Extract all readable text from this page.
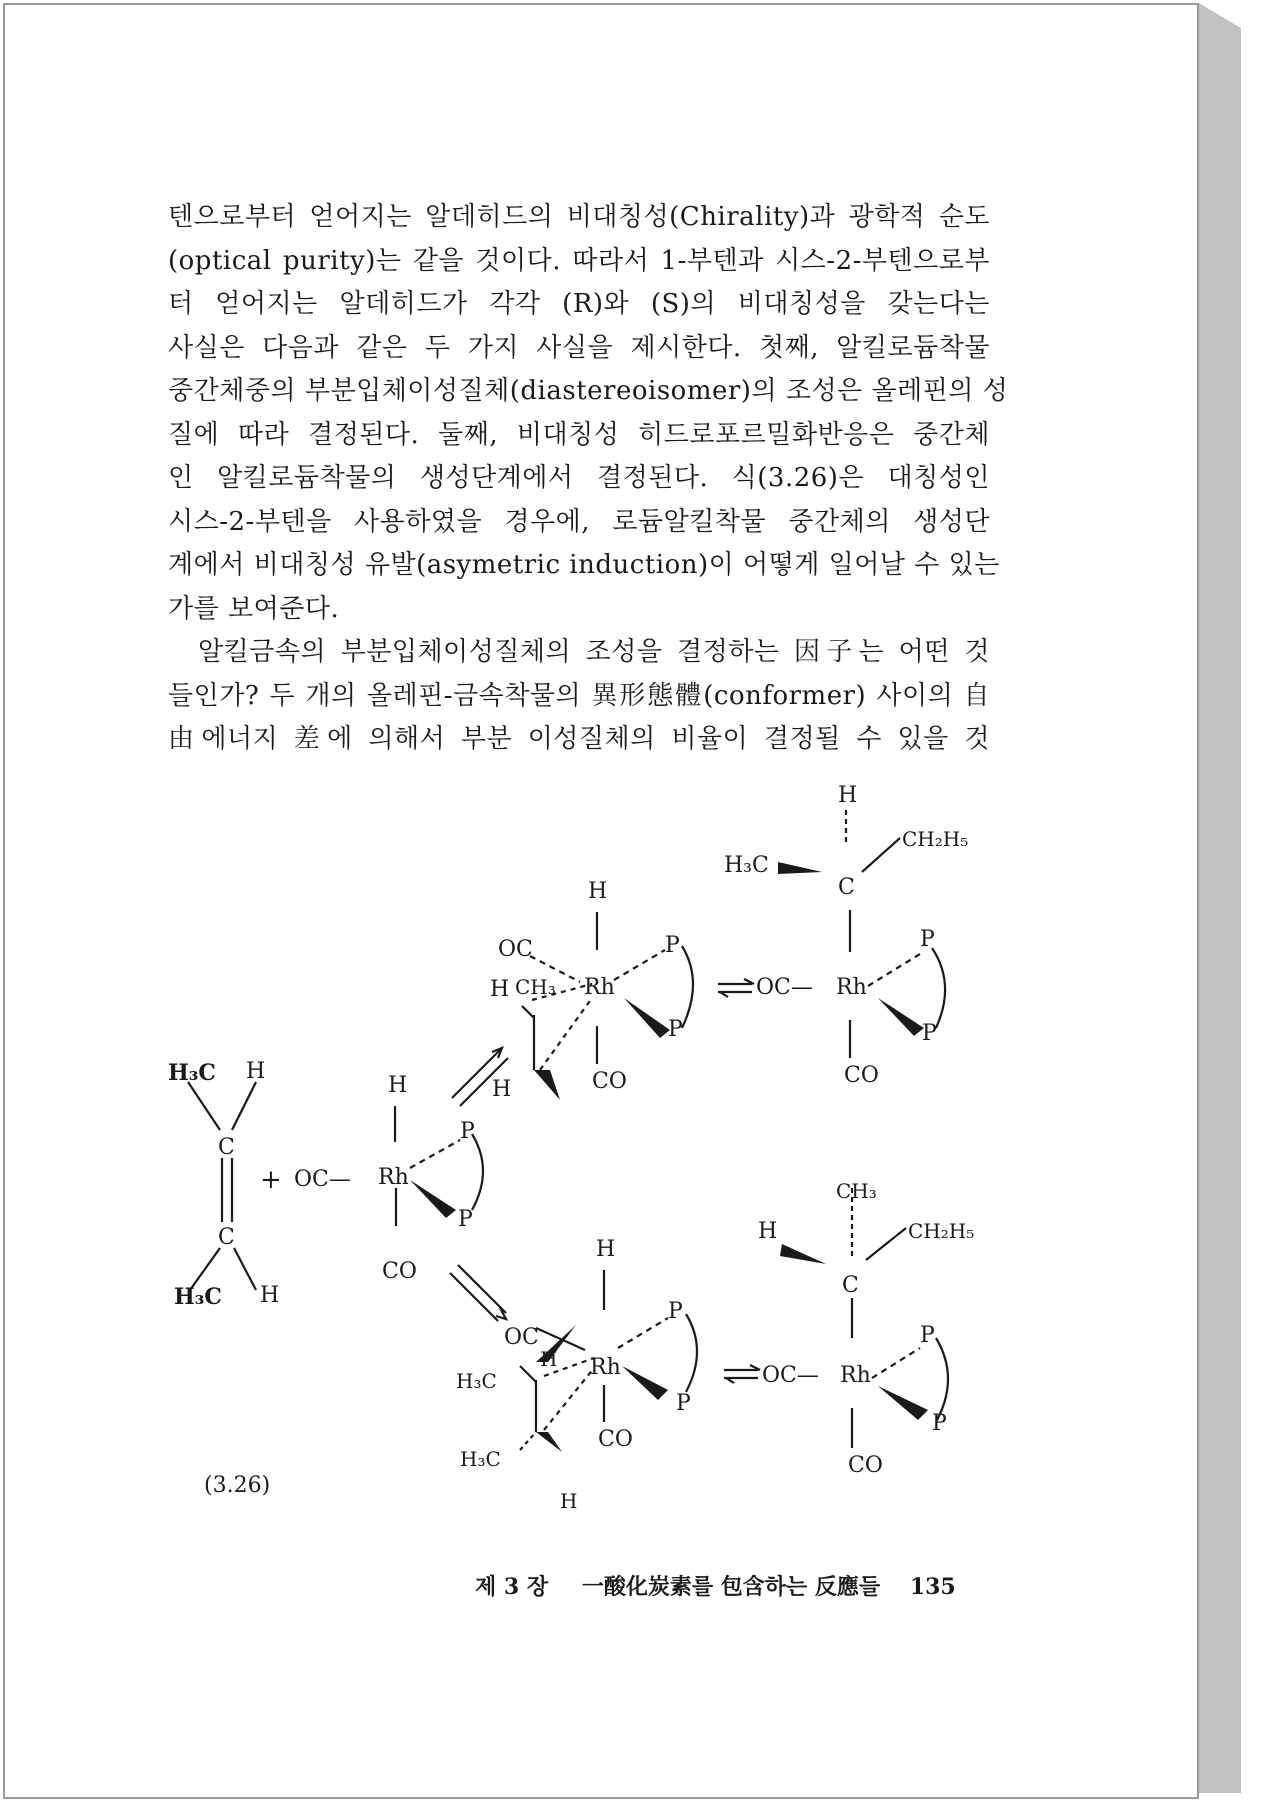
텐으로부터 얻어지는 알데히드의 비대칭성(Chirality)과 광학적 순도
(optical purity)는 같을 것이다. 따라서 1-부텐과 시스-2-부텐으로부
터 얻어지는 알데히드가 각각 (R)와 (S)의 비대칭성을 갖는다는
사실은 다음과 같은 두 가지 사실을 제시한다. 첫째, 알킬로듐착물
중간체중의 부분입체이성질체(diastereoisomer)의 조성은 올레핀의 성
질에 따라 결정된다. 둘째, 비대칭성 히드로포르밀화반응은 중간체
인 알킬로듐착물의 생성단계에서 결정된다. 식(3.26)은 대칭성인
시스-2-부텐을 사용하였을 경우에, 로듐알킬착물 중간체의 생성단
계에서 비대칭성 유발(asymetric induction)이 어떻게 일어날 수 있는
가를 보여준다.
알킬금속의 부분입체이성질체의 조성을 결정하는 因子는 어떤 것
들인가? 두 개의 올레핀-금속착물의 異形態體(conformer) 사이의 自
由에너지 差에 의해서 부분 이성질체의 비율이 결정될 수 있을 것
H₃C H
C
C
H₃C H
+
H
OC— Rh
P
P
CO
H
OC
CH₃
H	Rh
P
P
H	CO
H
H₃C
CH₂H₅
C
OC— Rh
P
P
CO
H
OC
H
H₃C
Rh
P
P
CO
H₃C
H
CH₃
H	CH₂H₅
C
OC— Rh
P
P
CO
(3.26)
제 3 장 一酸化炭素를 包含하는 反應들 135
